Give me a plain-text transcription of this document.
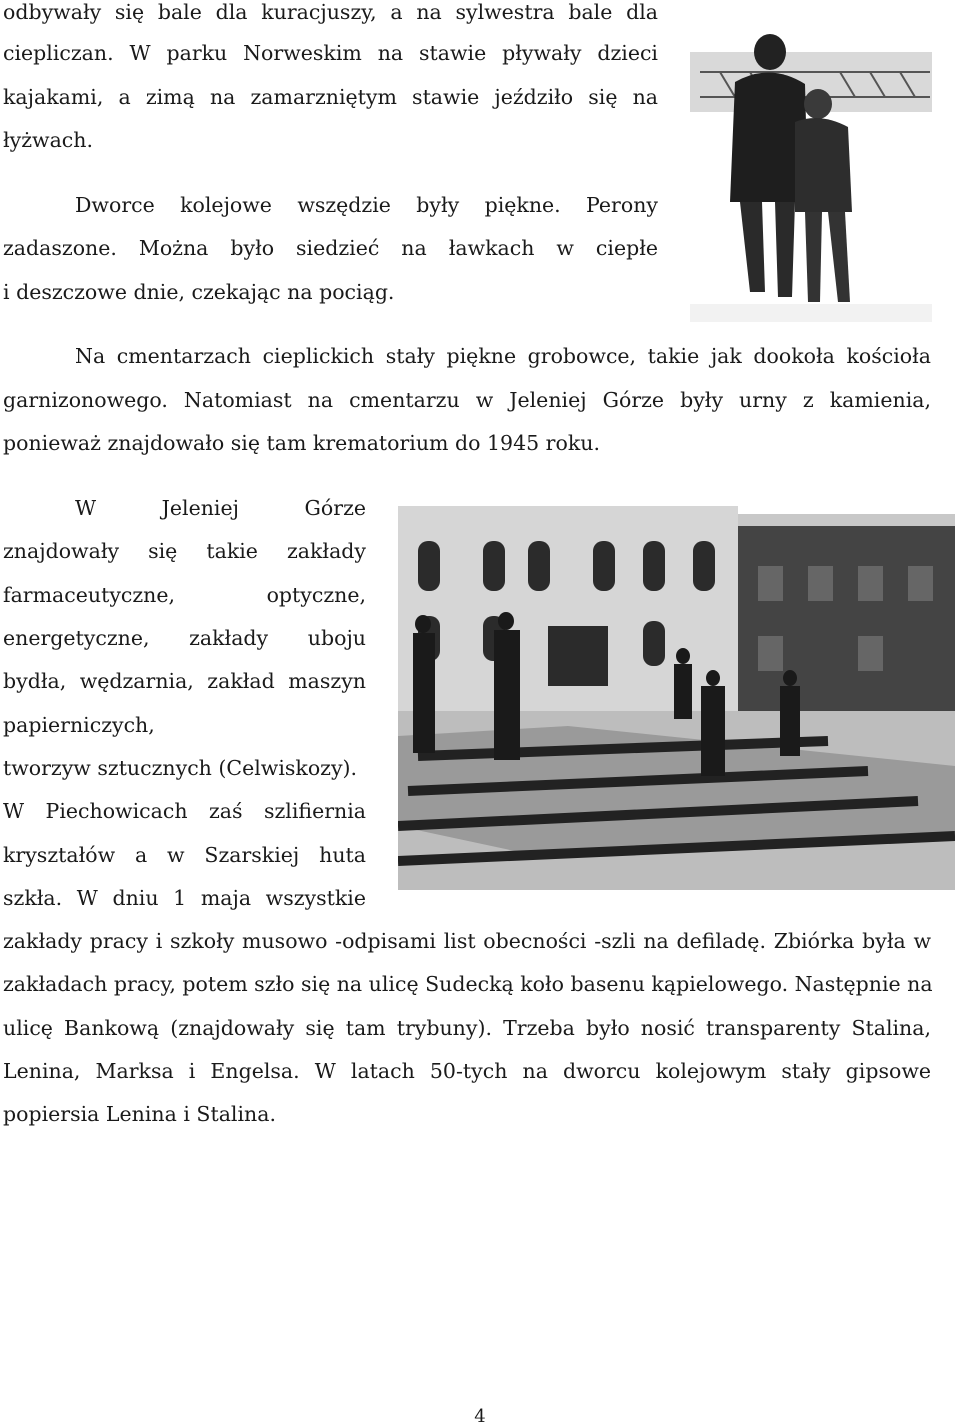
odbywały się bale dla kuracjuszy, a na sylwestra bale dla
ciepliczan. W parku Norweskim na stawie pływały dzieci
kajakami, a zimą na zamarzniętym stawie jeździło się na
łyżwach.
Dworce kolejowe wszędzie były piękne. Perony
zadaszone. Można było siedzieć na ławkach w ciepłe
i deszczowe dnie, czekając na pociąg.
Na cmentarzach cieplickich stały piękne grobowce, takie jak dookoła kościoła
garnizonowego. Natomiast na cmentarzu w Jeleniej Górze były urny z kamienia,
ponieważ znajdowało się tam krematorium do 1945 roku.
W Jeleniej Górze
znajdowały się takie zakłady
farmaceutyczne, optyczne,
energetyczne, zakłady uboju
bydła, wędzarnia, zakład maszyn
papierniczych,
tworzyw sztucznych (Celwiskozy).
W Piechowicach zaś szlifiernia
kryształów a w Szarskiej huta
szkła. W dniu 1 maja wszystkie
zakłady pracy i szkoły musowo -odpisami list obecności -szli na defiladę. Zbiórka była w
zakładach pracy, potem szło się na ulicę Sudecką koło basenu kąpielowego. Następnie na
ulicę Bankową (znajdowały się tam trybuny). Trzeba było nosić transparenty Stalina,
Lenina, Marksa i Engelsa. W latach 50-tych na dworcu kolejowym stały gipsowe
popiersia Lenina i Stalina.
4
